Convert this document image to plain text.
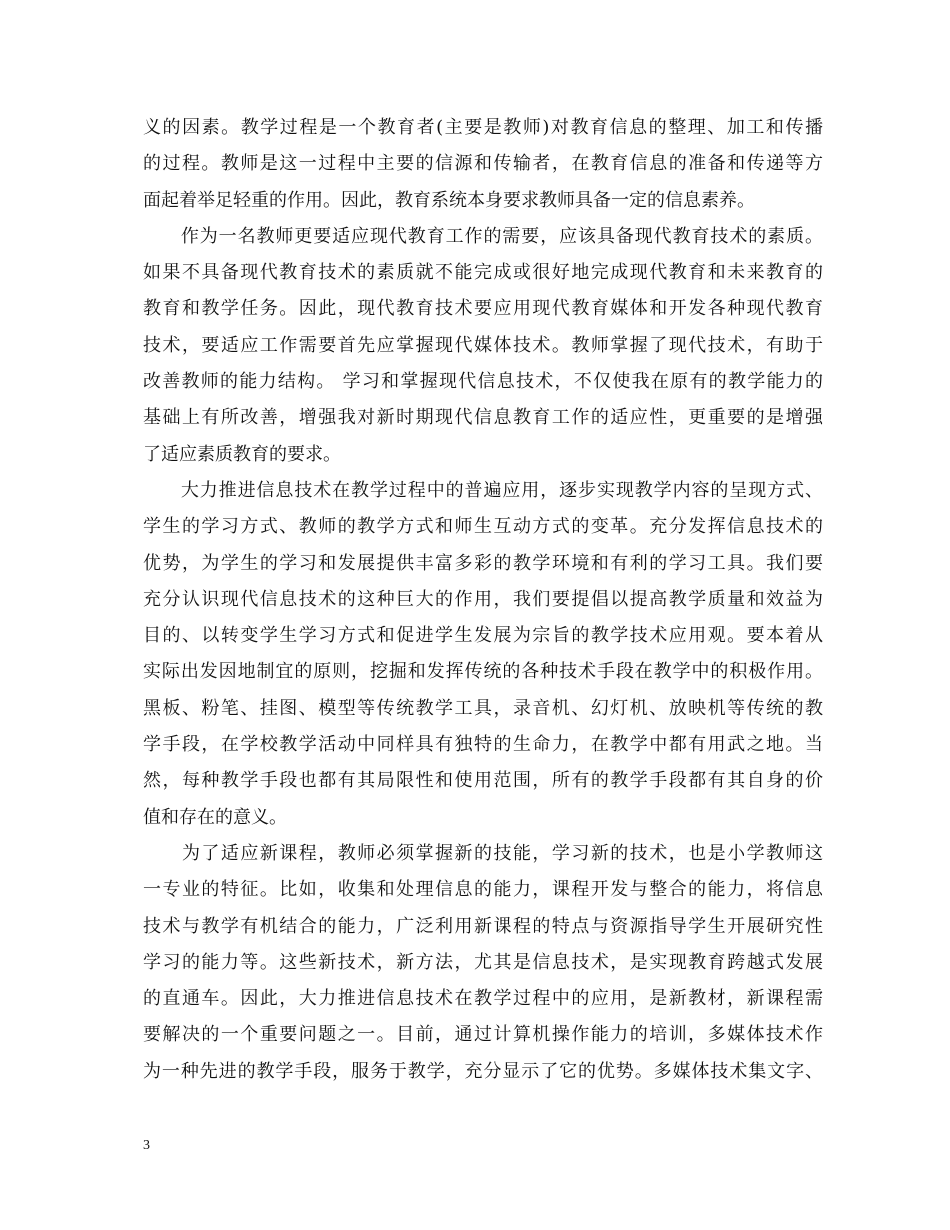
义的因素。教学过程是一个教育者(主要是教师)对教育信息的整理、加工和传播
的过程。教师是这一过程中主要的信源和传输者，在教育信息的准备和传递等方
面起着举足轻重的作用。因此，教育系统本身要求教师具备一定的信息素养。
　　作为一名教师更要适应现代教育工作的需要，应该具备现代教育技术的素质。
如果不具备现代教育技术的素质就不能完成或很好地完成现代教育和未来教育的
教育和教学任务。因此，现代教育技术要应用现代教育媒体和开发各种现代教育
技术，要适应工作需要首先应掌握现代媒体技术。教师掌握了现代技术，有助于
改善教师的能力结构。 学习和掌握现代信息技术，不仅使我在原有的教学能力的
基础上有所改善，增强我对新时期现代信息教育工作的适应性，更重要的是增强
了适应素质教育的要求。
　　大力推进信息技术在教学过程中的普遍应用，逐步实现教学内容的呈现方式、
学生的学习方式、教师的教学方式和师生互动方式的变革。充分发挥信息技术的
优势，为学生的学习和发展提供丰富多彩的教学环境和有利的学习工具。我们要
充分认识现代信息技术的这种巨大的作用，我们要提倡以提高教学质量和效益为
目的、以转变学生学习方式和促进学生发展为宗旨的教学技术应用观。要本着从
实际出发因地制宜的原则，挖掘和发挥传统的各种技术手段在教学中的积极作用。
黑板、粉笔、挂图、模型等传统教学工具，录音机、幻灯机、放映机等传统的教
学手段，在学校教学活动中同样具有独特的生命力，在教学中都有用武之地。当
然，每种教学手段也都有其局限性和使用范围，所有的教学手段都有其自身的价
值和存在的意义。
　　为了适应新课程，教师必须掌握新的技能，学习新的技术，也是小学教师这
一专业的特征。比如，收集和处理信息的能力，课程开发与整合的能力，将信息
技术与教学有机结合的能力，广泛利用新课程的特点与资源指导学生开展研究性
学习的能力等。这些新技术，新方法，尤其是信息技术，是实现教育跨越式发展
的直通车。因此，大力推进信息技术在教学过程中的应用，是新教材，新课程需
要解决的一个重要问题之一。目前，通过计算机操作能力的培训，多媒体技术作
为一种先进的教学手段，服务于教学，充分显示了它的优势。多媒体技术集文字、
3
